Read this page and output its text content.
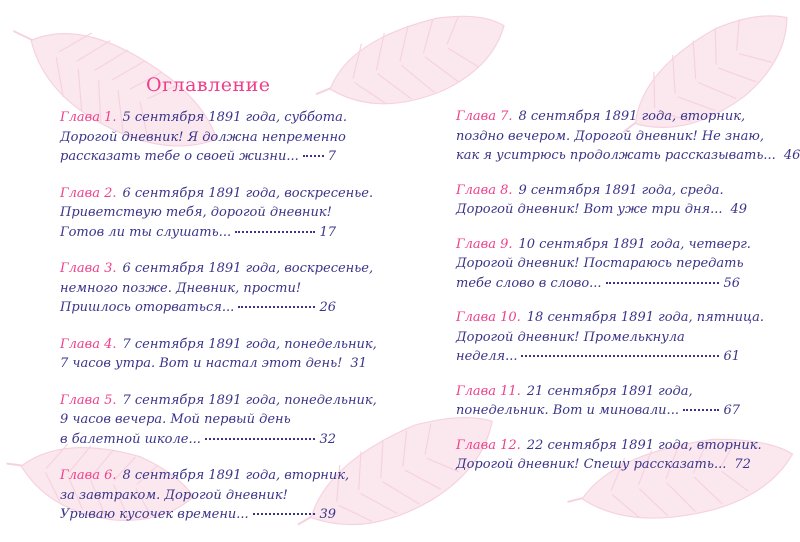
Оглавление
Глава 1. 5 сентября 1891 года, суббота.
Дорогой дневник! Я должна непременно
рассказать тебе о своей жизни... 7
Глава 2. 6 сентября 1891 года, воскресенье.
Приветствую тебя, дорогой дневник!
Готов ли ты слушать...	17
Глава 3. 6 сентября 1891 года, воскресенье,
немного позже. Дневник, прости!
Пришлось оторваться...	26
Глава 4. 7 сентября 1891 года, понедельник,
7 часов утра. Вот и настал этот день! 31
Глава 5. 7 сентября 1891 года, понедельник,
9 часов вечера. Мой первый день
в балетной школе...	32
Глава 6. 8 сентября 1891 года, вторник,
за завтраком. Дорогой дневник!
Урываю кусочек времени...	39
Глава 7. 8 сентября 1891 года, вторник,
поздно вечером. Дорогой дневник! Не знаю,
как я уситрюсь продолжать рассказывать... 46
Глава 8. 9 сентября 1891 года, среда.
Дорогой дневник! Вот уже три дня... 49
Глава 9. 10 сентября 1891 года, четверг.
Дорогой дневник! Постараюсь передать
тебе слово в слово...	56
Глава 10. 18 сентября 1891 года, пятница.
Дорогой дневник! Промелькнула
неделя...	61
Глава 11. 21 сентября 1891 года,
понедельник. Вот и миновали...	67
Глава 12. 22 сентября 1891 года, вторник.
Дорогой дневник! Спешу рассказать... 72
